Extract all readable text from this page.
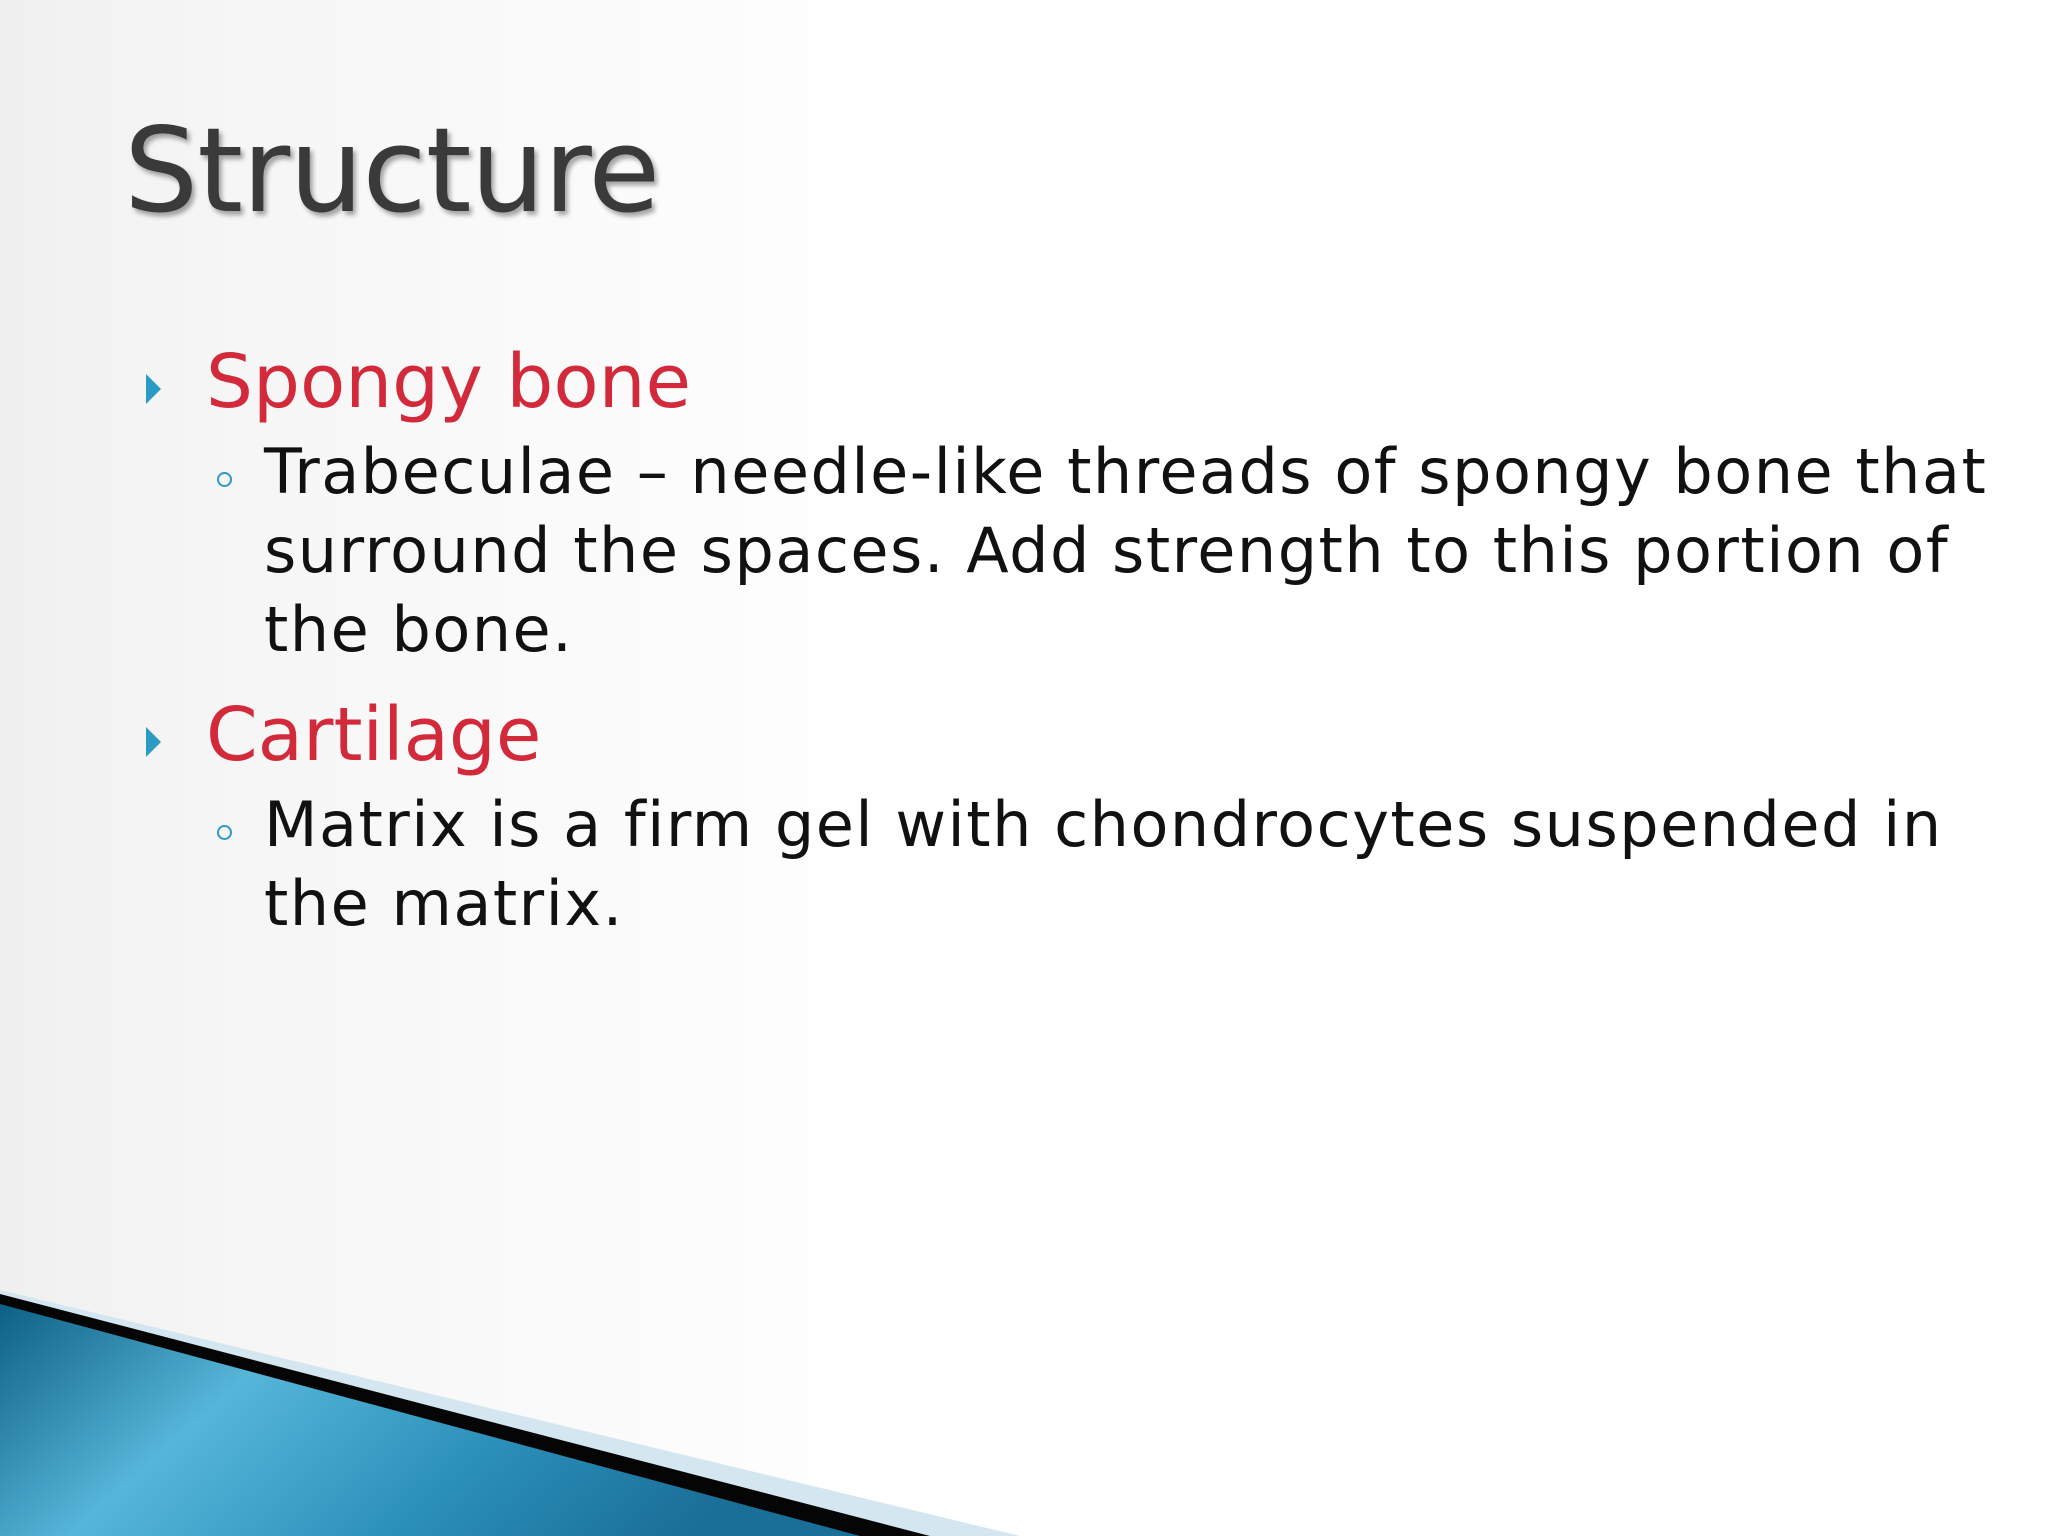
Structure

Spongy bone

Trabeculae – needle-like threads of spongy bone that surround the spaces. Add strength to this portion of the bone.

Cartilage

Matrix is a firm gel with chondrocytes suspended in the matrix.
